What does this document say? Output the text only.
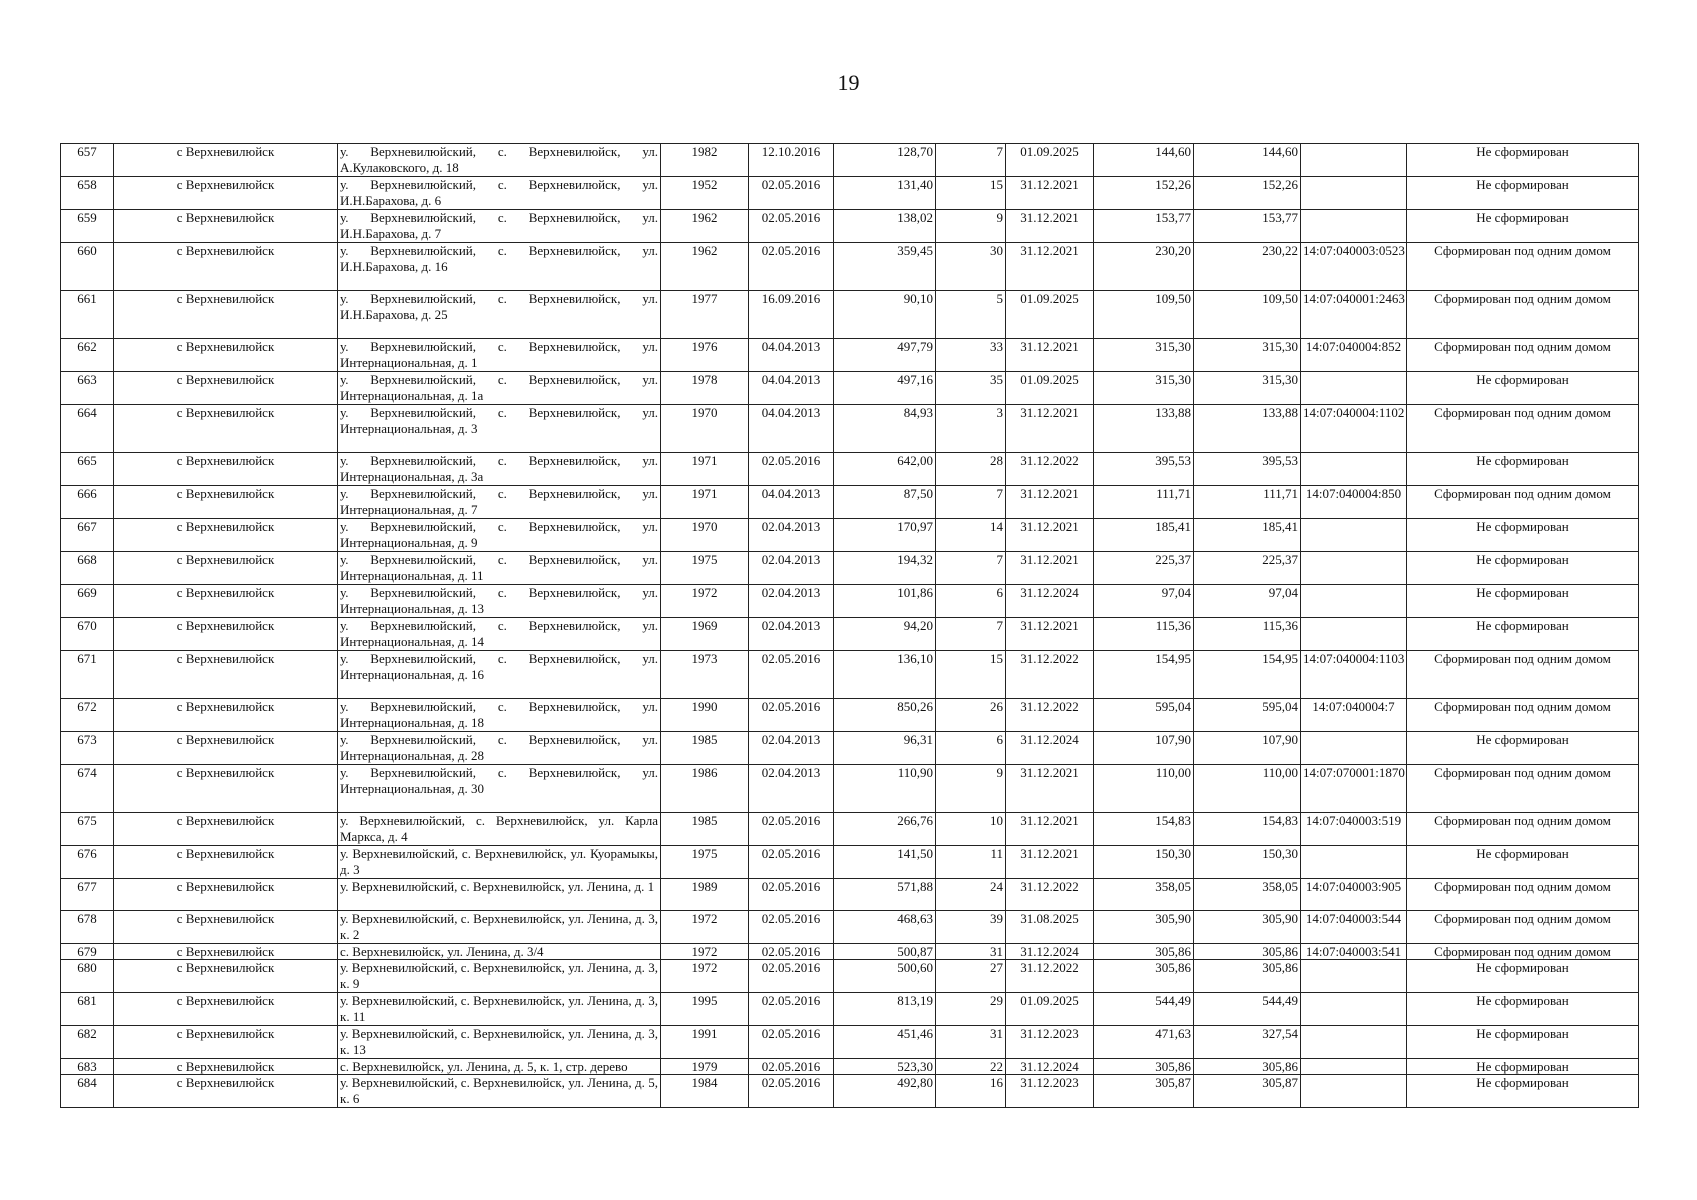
19
657	с Верхневилюйск	у. Верхневилюйский, с. Верхневилюйск, ул. А.Кулаковского, д. 18	1982	12.10.2016	128,70	7	01.09.2025	144,60	144,60		Не сформирован
658	с Верхневилюйск	у. Верхневилюйский, с. Верхневилюйск, ул. И.Н.Барахова, д. 6	1952	02.05.2016	131,40	15	31.12.2021	152,26	152,26		Не сформирован
659	с Верхневилюйск	у. Верхневилюйский, с. Верхневилюйск, ул. И.Н.Барахова, д. 7	1962	02.05.2016	138,02	9	31.12.2021	153,77	153,77		Не сформирован
660	с Верхневилюйск	у. Верхневилюйский, с. Верхневилюйск, ул. И.Н.Барахова, д. 16	1962	02.05.2016	359,45	30	31.12.2021	230,20	230,22	14:07:040003:0523	Сформирован под одним домом
661	с Верхневилюйск	у. Верхневилюйский, с. Верхневилюйск, ул. И.Н.Барахова, д. 25	1977	16.09.2016	90,10	5	01.09.2025	109,50	109,50	14:07:040001:2463	Сформирован под одним домом
662	с Верхневилюйск	у. Верхневилюйский, с. Верхневилюйск, ул. Интернациональная, д. 1	1976	04.04.2013	497,79	33	31.12.2021	315,30	315,30	14:07:040004:852	Сформирован под одним домом
663	с Верхневилюйск	у. Верхневилюйский, с. Верхневилюйск, ул. Интернациональная, д. 1а	1978	04.04.2013	497,16	35	01.09.2025	315,30	315,30		Не сформирован
664	с Верхневилюйск	у. Верхневилюйский, с. Верхневилюйск, ул. Интернациональная, д. 3	1970	04.04.2013	84,93	3	31.12.2021	133,88	133,88	14:07:040004:1102	Сформирован под одним домом
665	с Верхневилюйск	у. Верхневилюйский, с. Верхневилюйск, ул. Интернациональная, д. 3а	1971	02.05.2016	642,00	28	31.12.2022	395,53	395,53		Не сформирован
666	с Верхневилюйск	у. Верхневилюйский, с. Верхневилюйск, ул. Интернациональная, д. 7	1971	04.04.2013	87,50	7	31.12.2021	111,71	111,71	14:07:040004:850	Сформирован под одним домом
667	с Верхневилюйск	у. Верхневилюйский, с. Верхневилюйск, ул. Интернациональная, д. 9	1970	02.04.2013	170,97	14	31.12.2021	185,41	185,41		Не сформирован
668	с Верхневилюйск	у. Верхневилюйский, с. Верхневилюйск, ул. Интернациональная, д. 11	1975	02.04.2013	194,32	7	31.12.2021	225,37	225,37		Не сформирован
669	с Верхневилюйск	у. Верхневилюйский, с. Верхневилюйск, ул. Интернациональная, д. 13	1972	02.04.2013	101,86	6	31.12.2024	97,04	97,04		Не сформирован
670	с Верхневилюйск	у. Верхневилюйский, с. Верхневилюйск, ул. Интернациональная, д. 14	1969	02.04.2013	94,20	7	31.12.2021	115,36	115,36		Не сформирован
671	с Верхневилюйск	у. Верхневилюйский, с. Верхневилюйск, ул. Интернациональная, д. 16	1973	02.05.2016	136,10	15	31.12.2022	154,95	154,95	14:07:040004:1103	Сформирован под одним домом
672	с Верхневилюйск	у. Верхневилюйский, с. Верхневилюйск, ул. Интернациональная, д. 18	1990	02.05.2016	850,26	26	31.12.2022	595,04	595,04	14:07:040004:7	Сформирован под одним домом
673	с Верхневилюйск	у. Верхневилюйский, с. Верхневилюйск, ул. Интернациональная, д. 28	1985	02.04.2013	96,31	6	31.12.2024	107,90	107,90		Не сформирован
674	с Верхневилюйск	у. Верхневилюйский, с. Верхневилюйск, ул. Интернациональная, д. 30	1986	02.04.2013	110,90	9	31.12.2021	110,00	110,00	14:07:070001:1870	Сформирован под одним домом
675	с Верхневилюйск	у. Верхневилюйский, с. Верхневилюйск, ул. Карла Маркса, д. 4	1985	02.05.2016	266,76	10	31.12.2021	154,83	154,83	14:07:040003:519	Сформирован под одним домом
676	с Верхневилюйск	у. Верхневилюйский, с. Верхневилюйск, ул. Куорамыкы, д. 3	1975	02.05.2016	141,50	11	31.12.2021	150,30	150,30		Не сформирован
677	с Верхневилюйск	у. Верхневилюйский, с. Верхневилюйск, ул. Ленина, д. 1	1989	02.05.2016	571,88	24	31.12.2022	358,05	358,05	14:07:040003:905	Сформирован под одним домом
678	с Верхневилюйск	у. Верхневилюйский, с. Верхневилюйск, ул. Ленина, д. 3, к. 2	1972	02.05.2016	468,63	39	31.08.2025	305,90	305,90	14:07:040003:544	Сформирован под одним домом
679	с Верхневилюйск	с. Верхневилюйск, ул. Ленина, д. 3/4	1972	02.05.2016	500,87	31	31.12.2024	305,86	305,86	14:07:040003:541	Сформирован под одним домом
680	с Верхневилюйск	у. Верхневилюйский, с. Верхневилюйск, ул. Ленина, д. 3, к. 9	1972	02.05.2016	500,60	27	31.12.2022	305,86	305,86		Не сформирован
681	с Верхневилюйск	у. Верхневилюйский, с. Верхневилюйск, ул. Ленина, д. 3, к. 11	1995	02.05.2016	813,19	29	01.09.2025	544,49	544,49		Не сформирован
682	с Верхневилюйск	у. Верхневилюйский, с. Верхневилюйск, ул. Ленина, д. 3, к. 13	1991	02.05.2016	451,46	31	31.12.2023	471,63	327,54		Не сформирован
683	с Верхневилюйск	с. Верхневилюйск, ул. Ленина, д. 5, к. 1, стр. дерево	1979	02.05.2016	523,30	22	31.12.2024	305,86	305,86		Не сформирован
684	с Верхневилюйск	у. Верхневилюйский, с. Верхневилюйск, ул. Ленина, д. 5, к. 6	1984	02.05.2016	492,80	16	31.12.2023	305,87	305,87		Не сформирован
